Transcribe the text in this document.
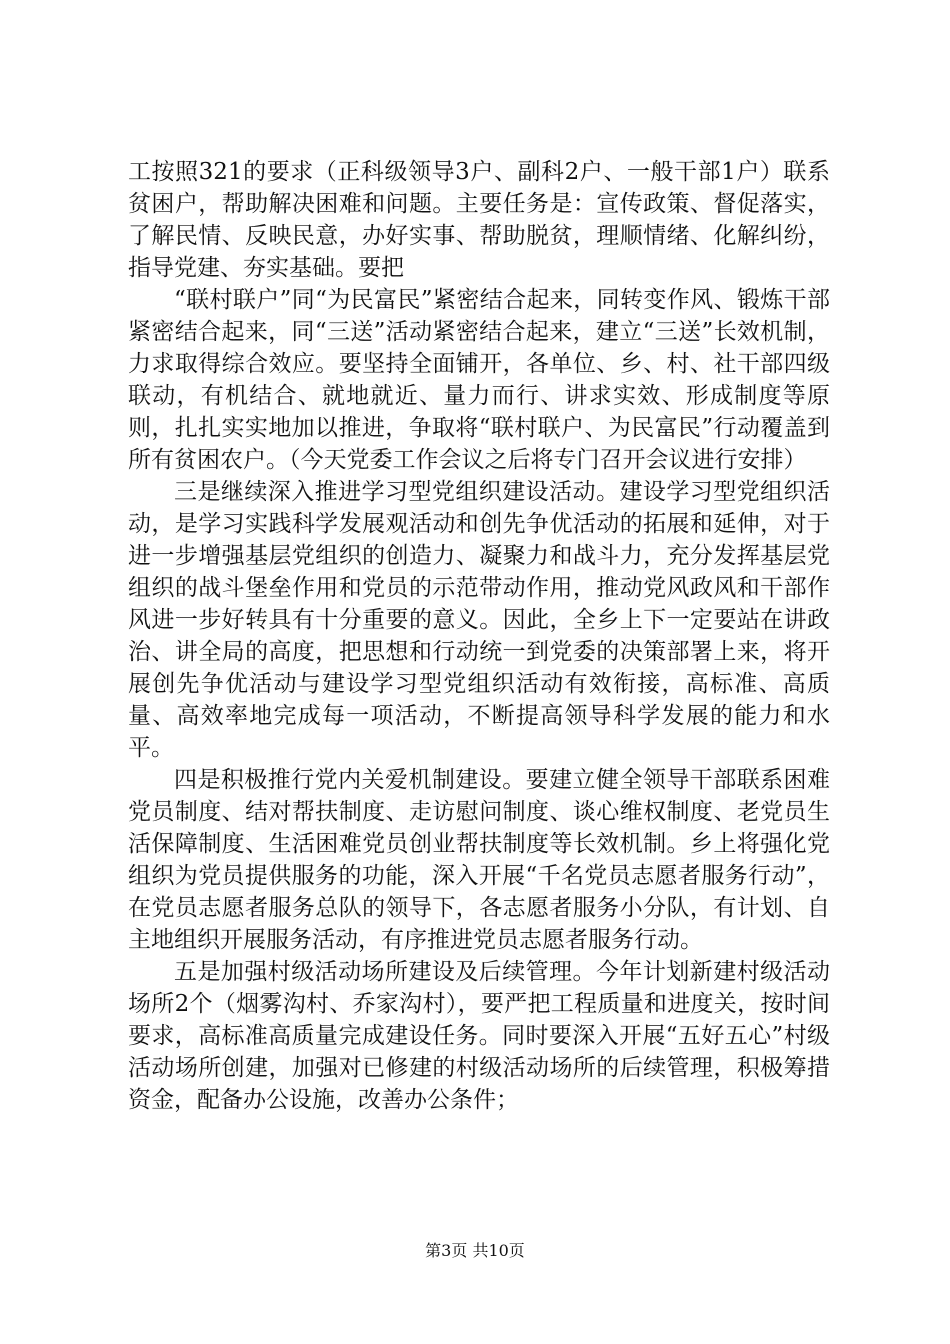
工按照321的要求（正科级领导3户、副科2户、一般干部1户）联系贫困户，帮助解决困难和问题。主要任务是：宣传政策、督促落实，了解民情、反映民意，办好实事、帮助脱贫，理顺情绪、化解纠纷，指导党建、夯实基础。要把

“联村联户”同“为民富民”紧密结合起来，同转变作风、锻炼干部紧密结合起来，同“三送”活动紧密结合起来，建立“三送”长效机制，力求取得综合效应。要坚持全面铺开，各单位、乡、村、社干部四级联动，有机结合、就地就近、量力而行、讲求实效、形成制度等原则，扎扎实实地加以推进，争取将“联村联户、为民富民”行动覆盖到所有贫困农户。（今天党委工作会议之后将专门召开会议进行安排）

三是继续深入推进学习型党组织建设活动。建设学习型党组织活动，是学习实践科学发展观活动和创先争优活动的拓展和延伸，对于进一步增强基层党组织的创造力、凝聚力和战斗力，充分发挥基层党组织的战斗堡垒作用和党员的示范带动作用，推动党风政风和干部作风进一步好转具有十分重要的意义。因此，全乡上下一定要站在讲政治、讲全局的高度，把思想和行动统一到党委的决策部署上来，将开展创先争优活动与建设学习型党组织活动有效衔接，高标准、高质量、高效率地完成每一项活动，不断提高领导科学发展的能力和水平。

四是积极推行党内关爱机制建设。要建立健全领导干部联系困难党员制度、结对帮扶制度、走访慰问制度、谈心维权制度、老党员生活保障制度、生活困难党员创业帮扶制度等长效机制。乡上将强化党组织为党员提供服务的功能，深入开展“千名党员志愿者服务行动”，在党员志愿者服务总队的领导下，各志愿者服务小分队，有计划、自主地组织开展服务活动，有序推进党员志愿者服务行动。

五是加强村级活动场所建设及后续管理。今年计划新建村级活动场所2个（烟雾沟村、乔家沟村），要严把工程质量和进度关，按时间要求，高标准高质量完成建设任务。同时要深入开展“五好五心”村级活动场所创建，加强对已修建的村级活动场所的后续管理，积极筹措资金，配备办公设施，改善办公条件；

第3页 共10页
